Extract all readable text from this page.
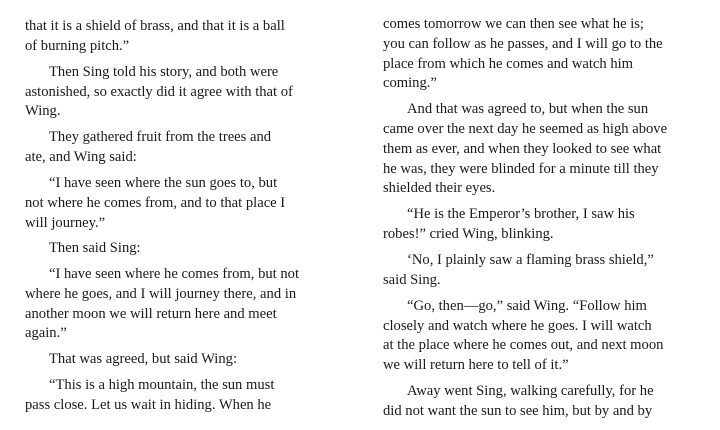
that it is a shield of brass, and that it is a ball
of burning pitch.”
Then Sing told his story, and both were
astonished, so exactly did it agree with that of
Wing.
They gathered fruit from the trees and
ate, and Wing said:
“I have seen where the sun goes to, but
not where he comes from, and to that place I
will journey.”
Then said Sing:
“I have seen where he comes from, but not
where he goes, and I will journey there, and in
another moon we will return here and meet
again.”
That was agreed, but said Wing:
“This is a high mountain, the sun must
pass close. Let us wait in hiding. When he
comes tomorrow we can then see what he is;
you can follow as he passes, and I will go to the
place from which he comes and watch him
coming.”
And that was agreed to, but when the sun
came over the next day he seemed as high above
them as ever, and when they looked to see what
he was, they were blinded for a minute till they
shielded their eyes.
“He is the Emperor’s brother, I saw his
robes!” cried Wing, blinking.
‘No, I plainly saw a flaming brass shield,”
said Sing.
“Go, then—go,” said Wing. “Follow him
closely and watch where he goes. I will watch
at the place where he comes out, and next moon
we will return here to tell of it.”
Away went Sing, walking carefully, for he
did not want the sun to see him, but by and by
